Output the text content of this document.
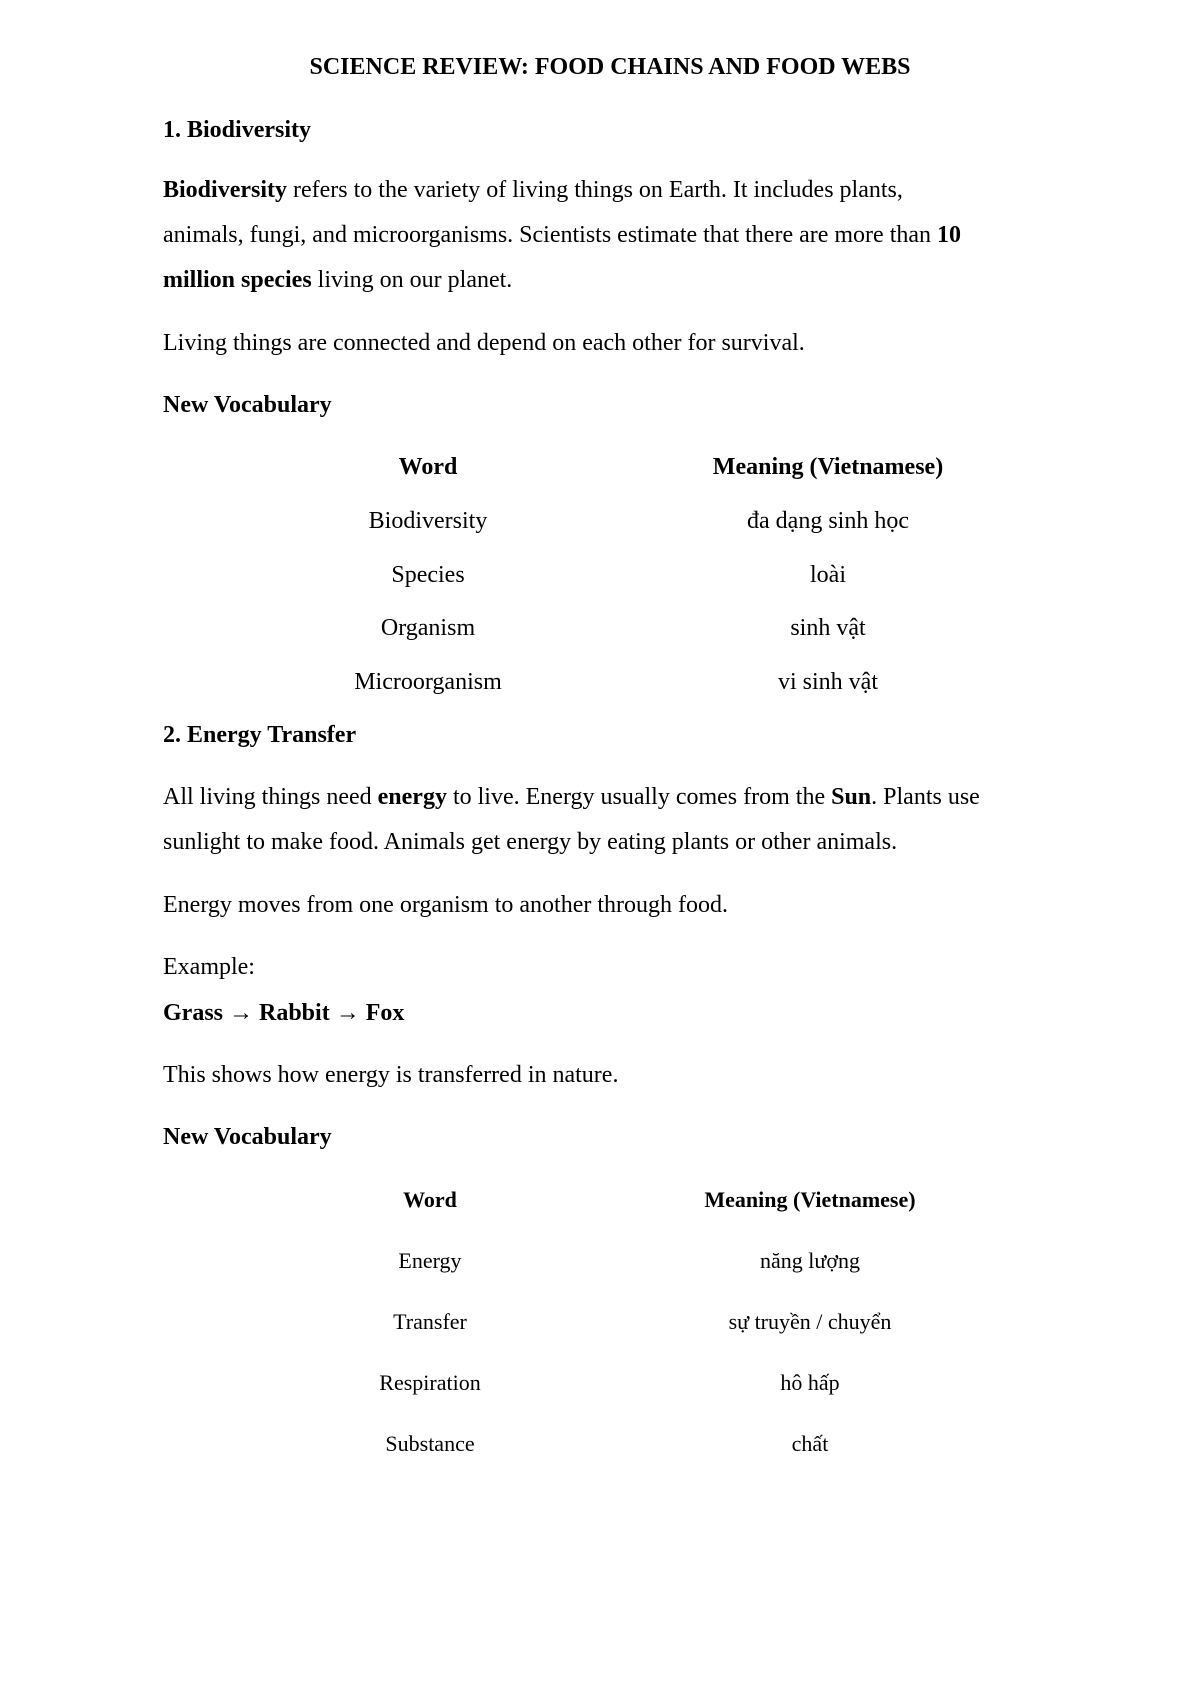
SCIENCE REVIEW: FOOD CHAINS AND FOOD WEBS
1. Biodiversity
Biodiversity refers to the variety of living things on Earth. It includes plants,
animals, fungi, and microorganisms. Scientists estimate that there are more than 10
million species living on our planet.
Living things are connected and depend on each other for survival.
New Vocabulary
Word	Meaning (Vietnamese)
Biodiversity	đa dạng sinh học
Species	loài
Organism	sinh vật
Microorganism	vi sinh vật
2. Energy Transfer
All living things need energy to live. Energy usually comes from the Sun. Plants use
sunlight to make food. Animals get energy by eating plants or other animals.
Energy moves from one organism to another through food.
Example:
Grass → Rabbit → Fox
This shows how energy is transferred in nature.
New Vocabulary
Word	Meaning (Vietnamese)
Energy	năng lượng
Transfer	sự truyền / chuyển
Respiration	hô hấp
Substance	chất
